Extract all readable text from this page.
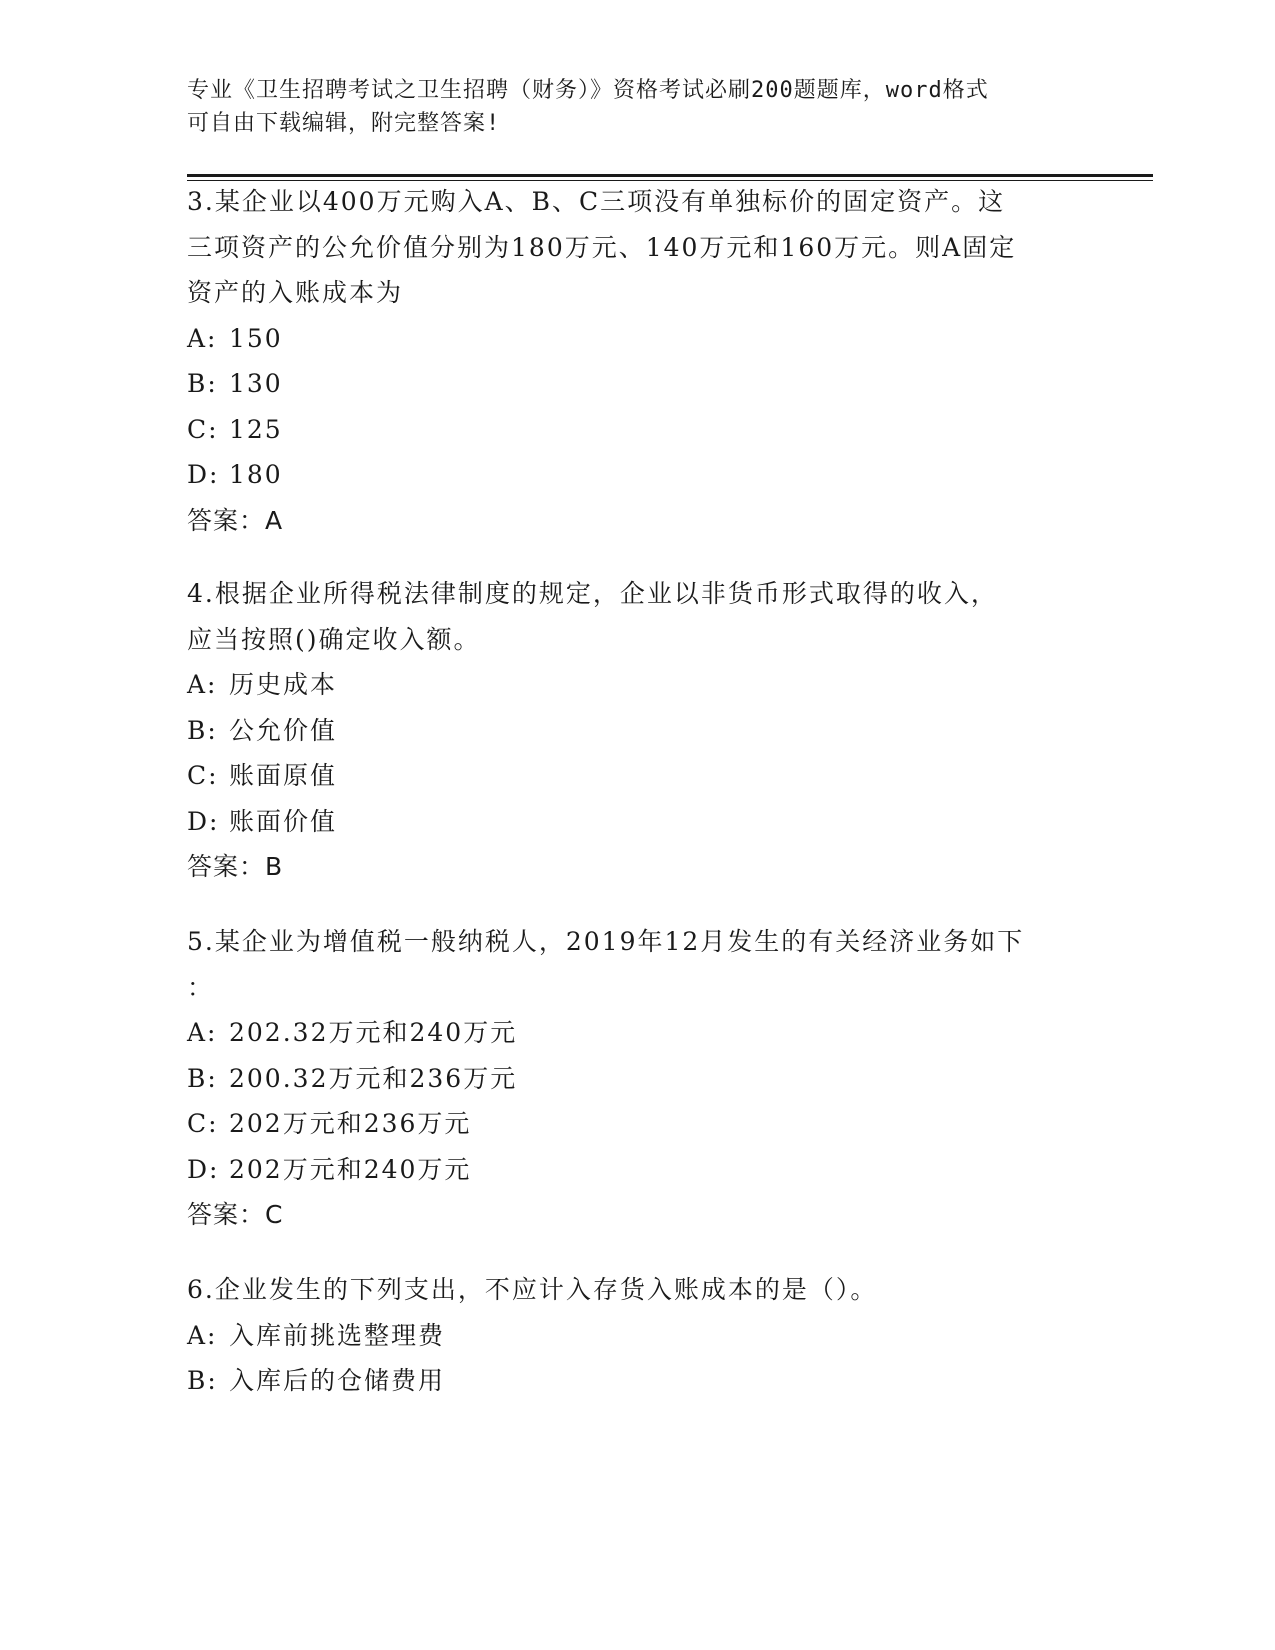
专业《卫生招聘考试之卫生招聘（财务）》资格考试必刷200题题库，word格式
可自由下载编辑，附完整答案!
3.某企业以400万元购入A、B、C三项没有单独标价的固定资产。这
三项资产的公允价值分别为180万元、140万元和160万元。则A固定
资产的入账成本为
A: 150
B: 130
C: 125
D: 180
答案：A
4.根据企业所得税法律制度的规定，企业以非货币形式取得的收入，
应当按照()确定收入额。
A: 历史成本
B: 公允价值
C: 账面原值
D: 账面价值
答案：B
5.某企业为增值税一般纳税人，2019年12月发生的有关经济业务如下
：
A: 202.32万元和240万元
B: 200.32万元和236万元
C: 202万元和236万元
D: 202万元和240万元
答案：C
6.企业发生的下列支出，不应计入存货入账成本的是（）。
A: 入库前挑选整理费
B: 入库后的仓储费用
